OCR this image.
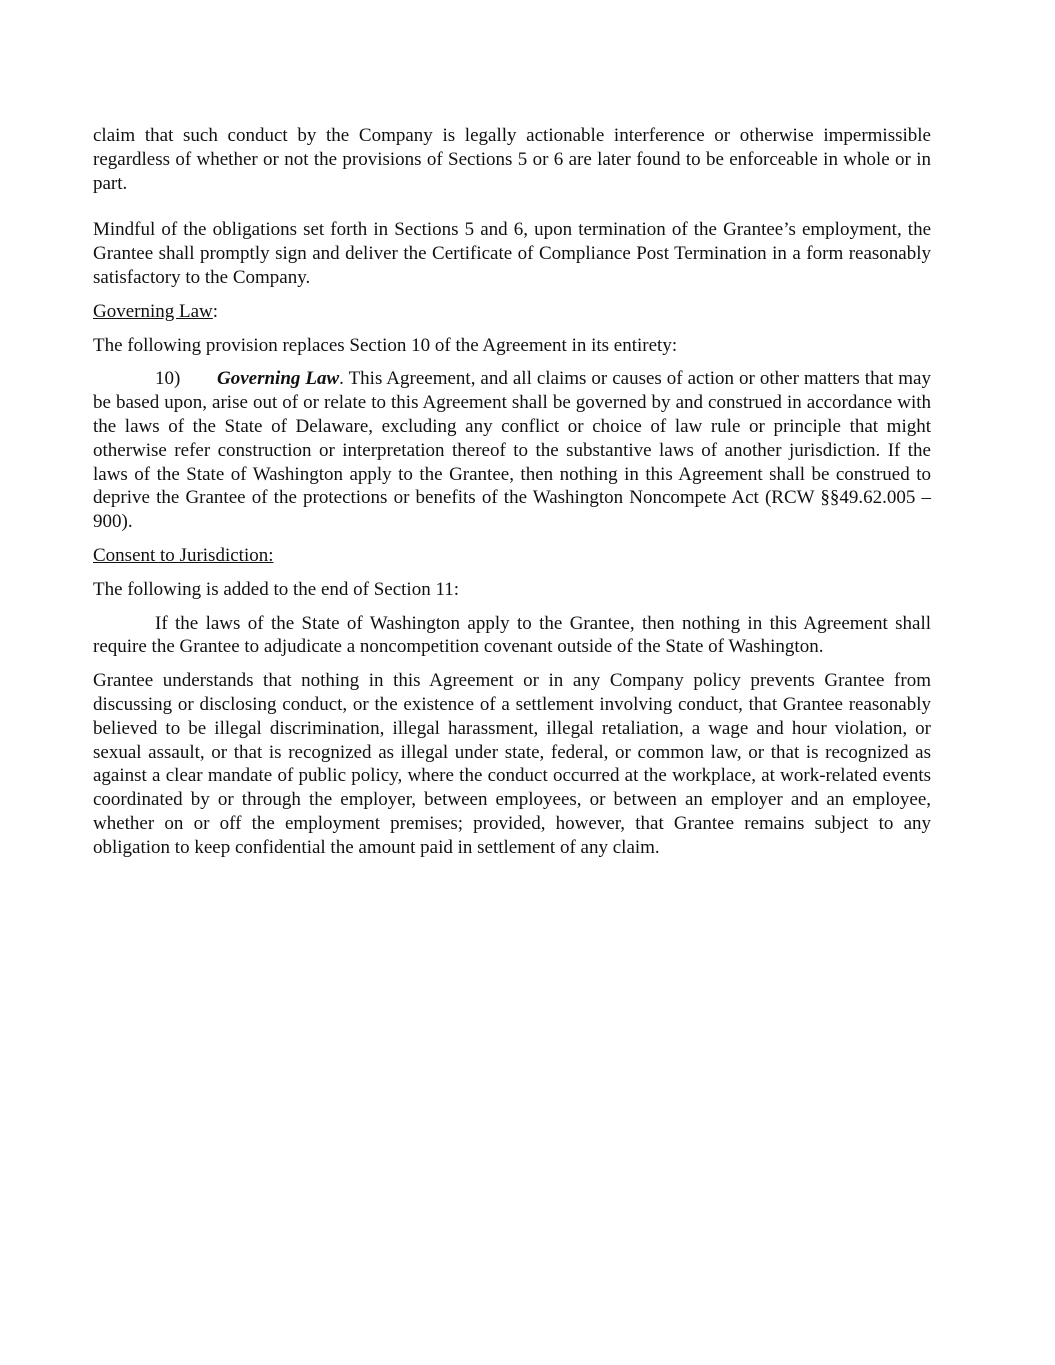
claim that such conduct by the Company is legally actionable interference or otherwise impermissible regardless of whether or not the provisions of Sections 5 or 6 are later found to be enforceable in whole or in part.

Mindful of the obligations set forth in Sections 5 and 6, upon termination of the Grantee’s employment, the Grantee shall promptly sign and deliver the Certificate of Compliance Post Termination in a form reasonably satisfactory to the Company.

Governing Law:

The following provision replaces Section 10 of the Agreement in its entirety:

10) Governing Law. This Agreement, and all claims or causes of action or other matters that may be based upon, arise out of or relate to this Agreement shall be governed by and construed in accordance with the laws of the State of Delaware, excluding any conflict or choice of law rule or principle that might otherwise refer construction or interpretation thereof to the substantive laws of another jurisdiction. If the laws of the State of Washington apply to the Grantee, then nothing in this Agreement shall be construed to deprive the Grantee of the protections or benefits of the Washington Noncompete Act (RCW §§49.62.005 – 900).

Consent to Jurisdiction:

The following is added to the end of Section 11:

If the laws of the State of Washington apply to the Grantee, then nothing in this Agreement shall require the Grantee to adjudicate a noncompetition covenant outside of the State of Washington.

Grantee understands that nothing in this Agreement or in any Company policy prevents Grantee from discussing or disclosing conduct, or the existence of a settlement involving conduct, that Grantee reasonably believed to be illegal discrimination, illegal harassment, illegal retaliation, a wage and hour violation, or sexual assault, or that is recognized as illegal under state, federal, or common law, or that is recognized as against a clear mandate of public policy, where the conduct occurred at the workplace, at work-related events coordinated by or through the employer, between employees, or between an employer and an employee, whether on or off the employment premises; provided, however, that Grantee remains subject to any obligation to keep confidential the amount paid in settlement of any claim.
